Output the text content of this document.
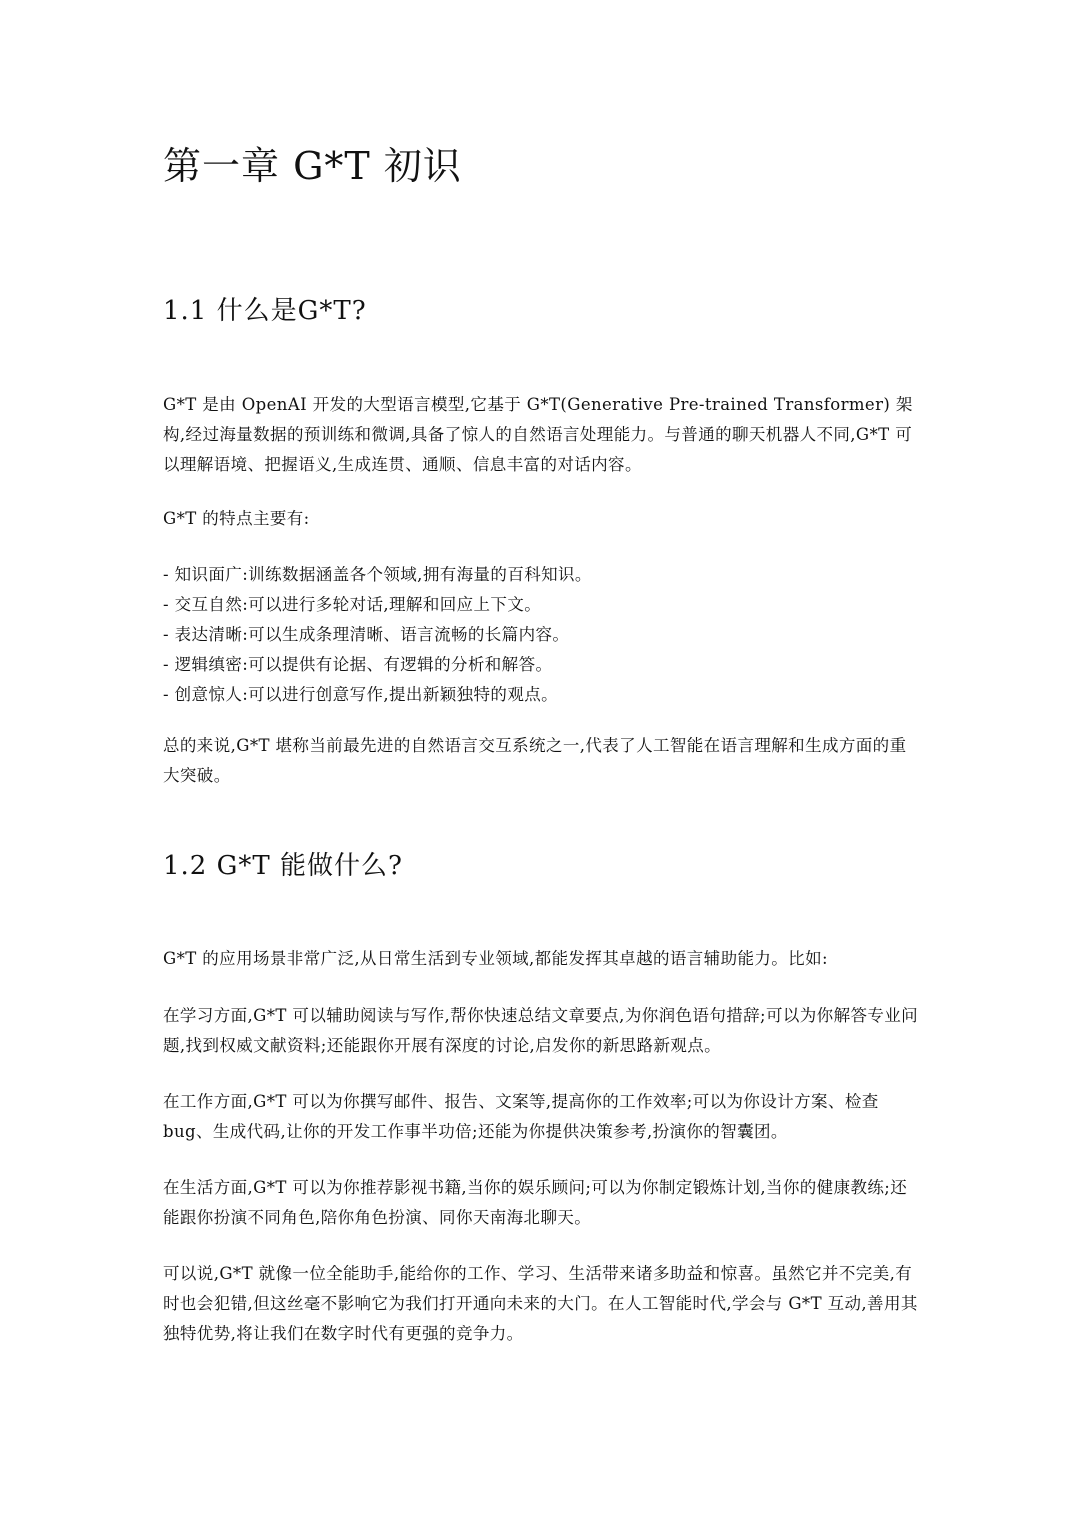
第一章 G*T 初识
1.1 什么是G*T?

G*T 是由 OpenAI 开发的大型语言模型,它基于 G*T(Generative Pre-trained Transformer) 架构,经过海量数据的预训练和微调,具备了惊人的自然语言处理能力。与普通的聊天机器人不同,G*T 可以理解语境、把握语义,生成连贯、通顺、信息丰富的对话内容。

G*T 的特点主要有:

- 知识面广:训练数据涵盖各个领域,拥有海量的百科知识。
- 交互自然:可以进行多轮对话,理解和回应上下文。
- 表达清晰:可以生成条理清晰、语言流畅的长篇内容。
- 逻辑缜密:可以提供有论据、有逻辑的分析和解答。
- 创意惊人:可以进行创意写作,提出新颖独特的观点。

总的来说,G*T 堪称当前最先进的自然语言交互系统之一,代表了人工智能在语言理解和生成方面的重大突破。

1.2 G*T 能做什么?

G*T 的应用场景非常广泛,从日常生活到专业领域,都能发挥其卓越的语言辅助能力。比如:

在学习方面,G*T 可以辅助阅读与写作,帮你快速总结文章要点,为你润色语句措辞;可以为你解答专业问题,找到权威文献资料;还能跟你开展有深度的讨论,启发你的新思路新观点。

在工作方面,G*T 可以为你撰写邮件、报告、文案等,提高你的工作效率;可以为你设计方案、检查 bug、生成代码,让你的开发工作事半功倍;还能为你提供决策参考,扮演你的智囊团。

在生活方面,G*T 可以为你推荐影视书籍,当你的娱乐顾问;可以为你制定锻炼计划,当你的健康教练;还能跟你扮演不同角色,陪你角色扮演、同你天南海北聊天。

可以说,G*T 就像一位全能助手,能给你的工作、学习、生活带来诸多助益和惊喜。虽然它并不完美,有时也会犯错,但这丝毫不影响它为我们打开通向未来的大门。在人工智能时代,学会与 G*T 互动,善用其独特优势,将让我们在数字时代有更强的竞争力。
